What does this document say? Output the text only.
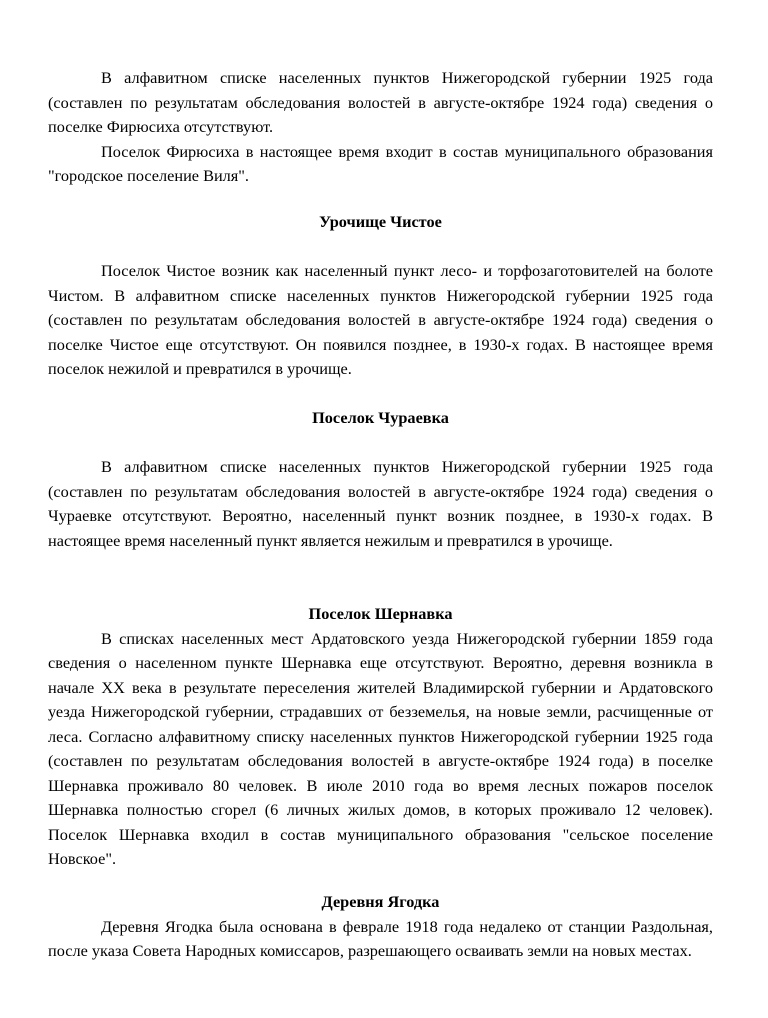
В алфавитном списке населенных пунктов Нижегородской губернии 1925 года (составлен по результатам обследования волостей в августе-октябре 1924 года) сведения о поселке Фирюсиха отсутствуют.

Поселок Фирюсиха в настоящее время входит в состав муниципального образования "городское поселение Виля".

Урочище Чистое

Поселок Чистое возник как населенный пункт лесо- и торфозаготовителей на болоте Чистом. В алфавитном списке населенных пунктов Нижегородской губернии 1925 года (составлен по результатам обследования волостей в августе-октябре 1924 года) сведения о поселке Чистое еще отсутствуют. Он появился позднее, в 1930-х годах. В настоящее время поселок нежилой и превратился в урочище.

Поселок Чураевка

В алфавитном списке населенных пунктов Нижегородской губернии 1925 года (составлен по результатам обследования волостей в августе-октябре 1924 года) сведения о Чураевке отсутствуют. Вероятно, населенный пункт возник позднее, в 1930-х годах. В настоящее время населенный пункт является нежилым и превратился в урочище.

Поселок Шернавка

В списках населенных мест Ардатовского уезда Нижегородской губернии 1859 года сведения о населенном пункте Шернавка еще отсутствуют. Вероятно, деревня возникла в начале XX века в результате переселения жителей Владимирской губернии и Ардатовского уезда Нижегородской губернии, страдавших от безземелья, на новые земли, расчищенные от леса. Согласно алфавитному списку населенных пунктов Нижегородской губернии 1925 года (составлен по результатам обследования волостей в августе-октябре 1924 года) в поселке Шернавка проживало 80 человек. В июле 2010 года во время лесных пожаров поселок Шернавка полностью сгорел (6 личных жилых домов, в которых проживало 12 человек). Поселок Шернавка входил в состав муниципального образования "сельское поселение Новское".

Деревня Ягодка

Деревня Ягодка была основана в феврале 1918 года недалеко от станции Раздольная, после указа Совета Народных комиссаров, разрешающего осваивать земли на новых местах.
